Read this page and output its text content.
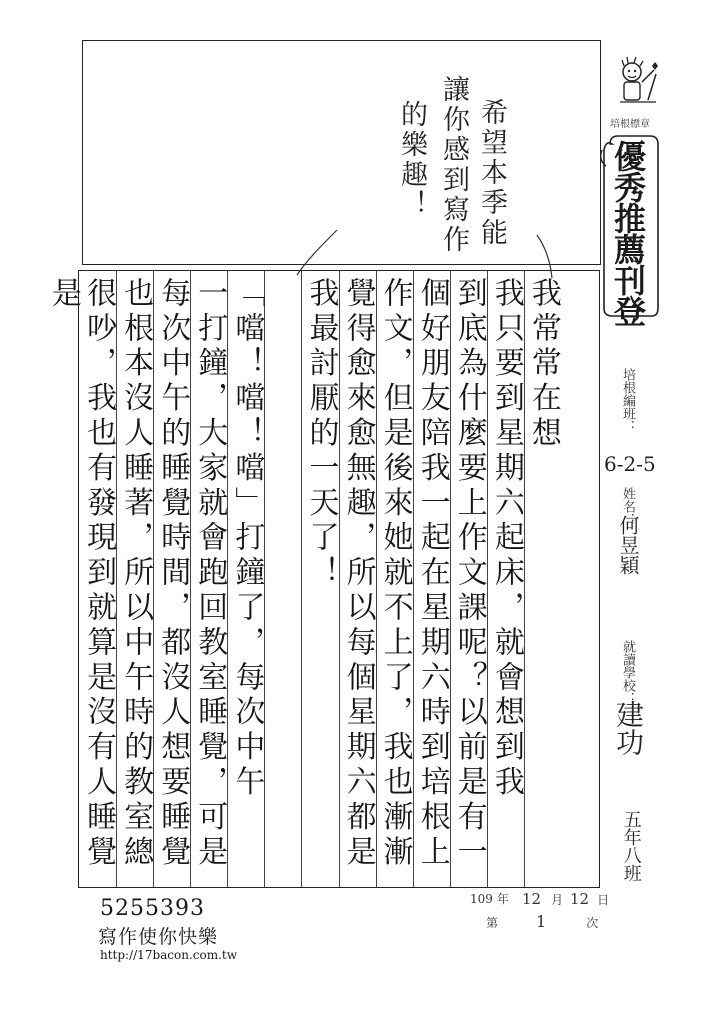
希望本季能
讓你感到寫作
的樂趣！
我常常在想
我只要到星期六起床，就會想到我
到底為什麼要上作文課呢？以前是有一
個好朋友陪我一起在星期六時到培根上
作文，但是後來她就不上了，我也漸漸
覺得愈來愈無趣，所以每個星期六都是
我最討厭的一天了！
「噹！噹！噹」打鐘了，每次中午
一打鐘，大家就會跑回教室睡覺，可是
每次中午的睡覺時間，都沒人想要睡覺
也根本沒人睡著，所以中午時的教室總
很吵，我也有發現到就算是沒有人睡覺是
培根標章
優秀推薦刊登
培根編班：
6-2-5
姓名：
何昱穎
就讀學校：
建功
五年八班
109 年 12 月 12 日
第 1	次
5255393
寫作使你快樂
http://17bacon.com.tw
